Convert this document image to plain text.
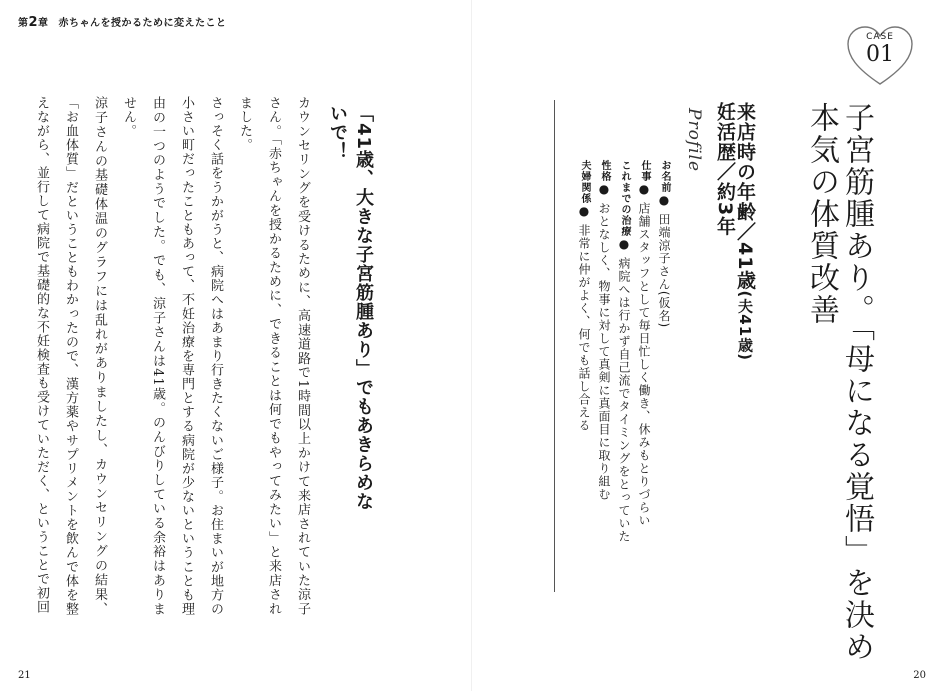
第2章 赤ちゃんを授かるために変えたこと

カウンセリングを受けるために、高速道路で1時間以上かけて来店されていた涼子さん。「赤ちゃんを授かるために、できることは何でもやってみたい」と来店されました。

さっそく話をうかがうと、病院へはあまり行きたくないご様子。お住まいが地方の小さい町だったこともあって、不妊治療を専門とする病院が少ないということも理由の一つのようでした。でも、涼子さんは41歳。のんびりしている余裕はありません。

涼子さんの基礎体温のグラフには乱れがありましたし、カウンセリングの結果、「お血体質」だということもわかったので、漢方薬やサプリメントを飲んで体を整えながら、並行して病院で基礎的な不妊検査も受けていただく、ということで初回	「41歳、大きな子宮筋腫あり」でもあきらめないで！
21
CASE
01
子宮筋腫あり。「母になる覚悟」を決め
本気の体質改善
来店時の年齢／41歳(夫41歳)
妊活歴／約3年
Profile
お名前● 田端涼子さん(仮名)
仕事● 店舗スタッフとして毎日忙しく働き、休みもとりづらい
これまでの治療● 病院へは行かず自己流でタイミングをとっていた
性格● おとなしく、物事に対して真剣に真面目に取り組む
夫婦関係● 非常に仲がよく、何でも話し合える
20
